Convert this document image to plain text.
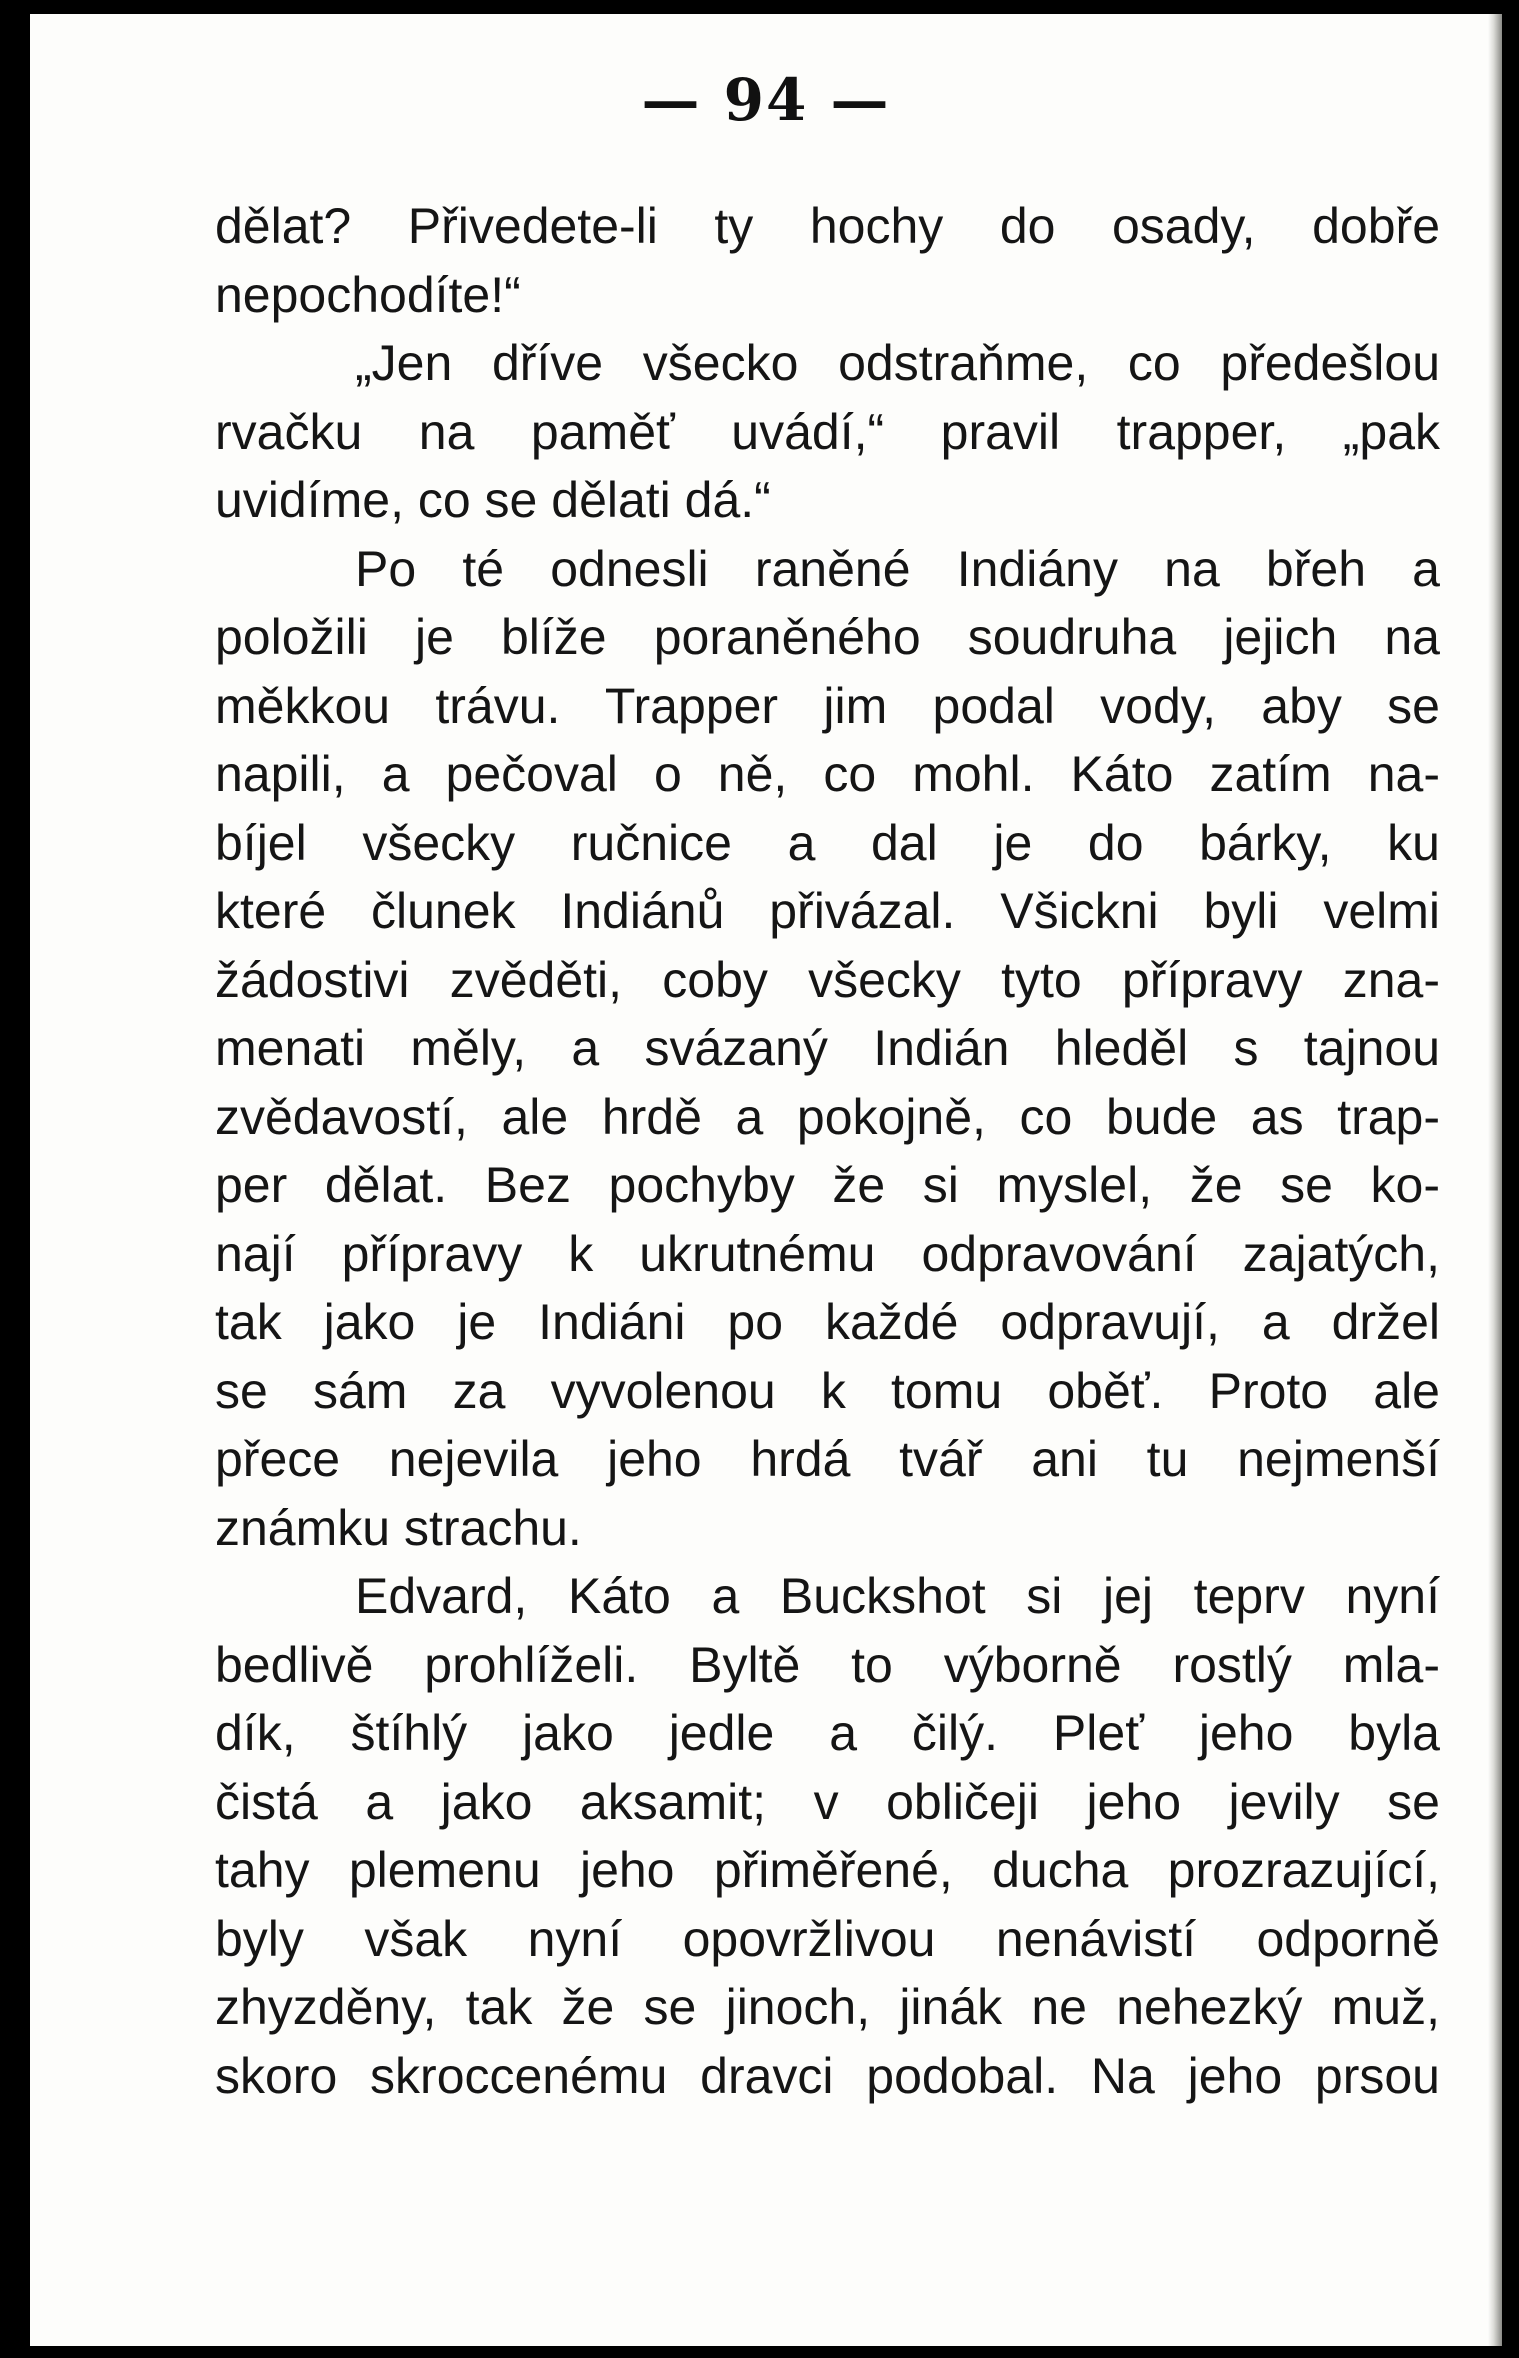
— 94 —
dělat? Přivedete-li ty hochy do osady, dobře
nepochodíte!“
„Jen dříve všecko odstraňme, co předešlou
rvačku na paměť uvádí,“ pravil trapper, „pak
uvidíme, co se dělati dá.“
Po té odnesli raněné Indiány na břeh a
položili je blíže poraněného soudruha jejich na
měkkou trávu. Trapper jim podal vody, aby se
napili, a pečoval o ně, co mohl. Káto zatím na-
bíjel všecky ručnice a dal je do bárky, ku
které člunek Indiánů přivázal. Všickni byli velmi
žádostivi zvěděti, coby všecky tyto přípravy zna-
menati měly, a svázaný Indián hleděl s tajnou
zvědavostí, ale hrdě a pokojně, co bude as trap-
per dělat. Bez pochyby že si myslel, že se ko-
nají přípravy k ukrutnému odpravování zajatých,
tak jako je Indiáni po každé odpravují, a držel
se sám za vyvolenou k tomu oběť. Proto ale
přece nejevila jeho hrdá tvář ani tu nejmenší
známku strachu.
Edvard, Káto a Buckshot si jej teprv nyní
bedlivě prohlíželi. Byltě to výborně rostlý mla-
dík, štíhlý jako jedle a čilý. Pleť jeho byla
čistá a jako aksamit; v obličeji jeho jevily se
tahy plemenu jeho přiměřené, ducha prozrazující,
byly však nyní opovržlivou nenávistí odporně
zhyzděny, tak že se jinoch, jinák ne nehezký muž,
skoro skroccenému dravci podobal. Na jeho prsou
